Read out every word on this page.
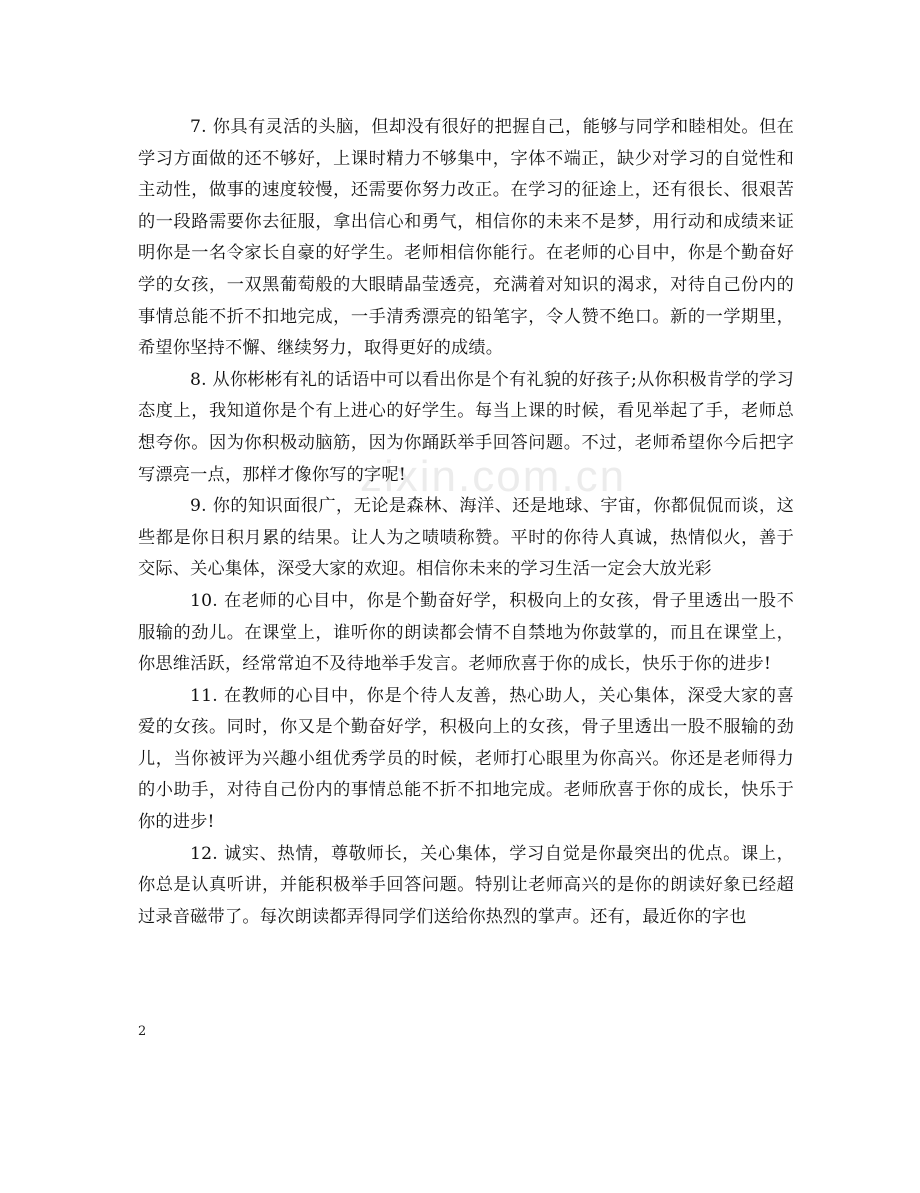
7. 你具有灵活的头脑，但却没有很好的把握自己，能够与同学和睦相处。但在学习方面做的还不够好，上课时精力不够集中，字体不端正，缺少对学习的自觉性和主动性，做事的速度较慢，还需要你努力改正。在学习的征途上，还有很长、很艰苦的一段路需要你去征服，拿出信心和勇气，相信你的未来不是梦，用行动和成绩来证明你是一名令家长自豪的好学生。老师相信你能行。在老师的心目中，你是个勤奋好学的女孩，一双黑葡萄般的大眼睛晶莹透亮，充满着对知识的渴求，对待自己份内的事情总能不折不扣地完成，一手清秀漂亮的铅笔字，令人赞不绝口。新的一学期里，希望你坚持不懈、继续努力，取得更好的成绩。

8. 从你彬彬有礼的话语中可以看出你是个有礼貌的好孩子;从你积极肯学的学习态度上，我知道你是个有上进心的好学生。每当上课的时候，看见举起了手，老师总想夸你。因为你积极动脑筋，因为你踊跃举手回答问题。不过，老师希望你今后把字写漂亮一点，那样才像你写的字呢!

9. 你的知识面很广，无论是森林、海洋、还是地球、宇宙，你都侃侃而谈，这些都是你日积月累的结果。让人为之啧啧称赞。平时的你待人真诚，热情似火，善于交际、关心集体，深受大家的欢迎。相信你未来的学习生活一定会大放光彩

10. 在老师的心目中，你是个勤奋好学，积极向上的女孩，骨子里透出一股不服输的劲儿。在课堂上，谁听你的朗读都会情不自禁地为你鼓掌的，而且在课堂上，你思维活跃，经常常迫不及待地举手发言。老师欣喜于你的成长，快乐于你的进步!

11. 在教师的心目中，你是个待人友善，热心助人，关心集体，深受大家的喜爱的女孩。同时，你又是个勤奋好学，积极向上的女孩，骨子里透出一股不服输的劲儿，当你被评为兴趣小组优秀学员的时候，老师打心眼里为你高兴。你还是老师得力的小助手，对待自己份内的事情总能不折不扣地完成。老师欣喜于你的成长，快乐于你的进步!

12. 诚实、热情，尊敬师长，关心集体，学习自觉是你最突出的优点。课上，你总是认真听讲，并能积极举手回答问题。特别让老师高兴的是你的朗读好象已经超过录音磁带了。每次朗读都弄得同学们送给你热烈的掌声。还有，最近你的字也

zixin.com.cn
2
